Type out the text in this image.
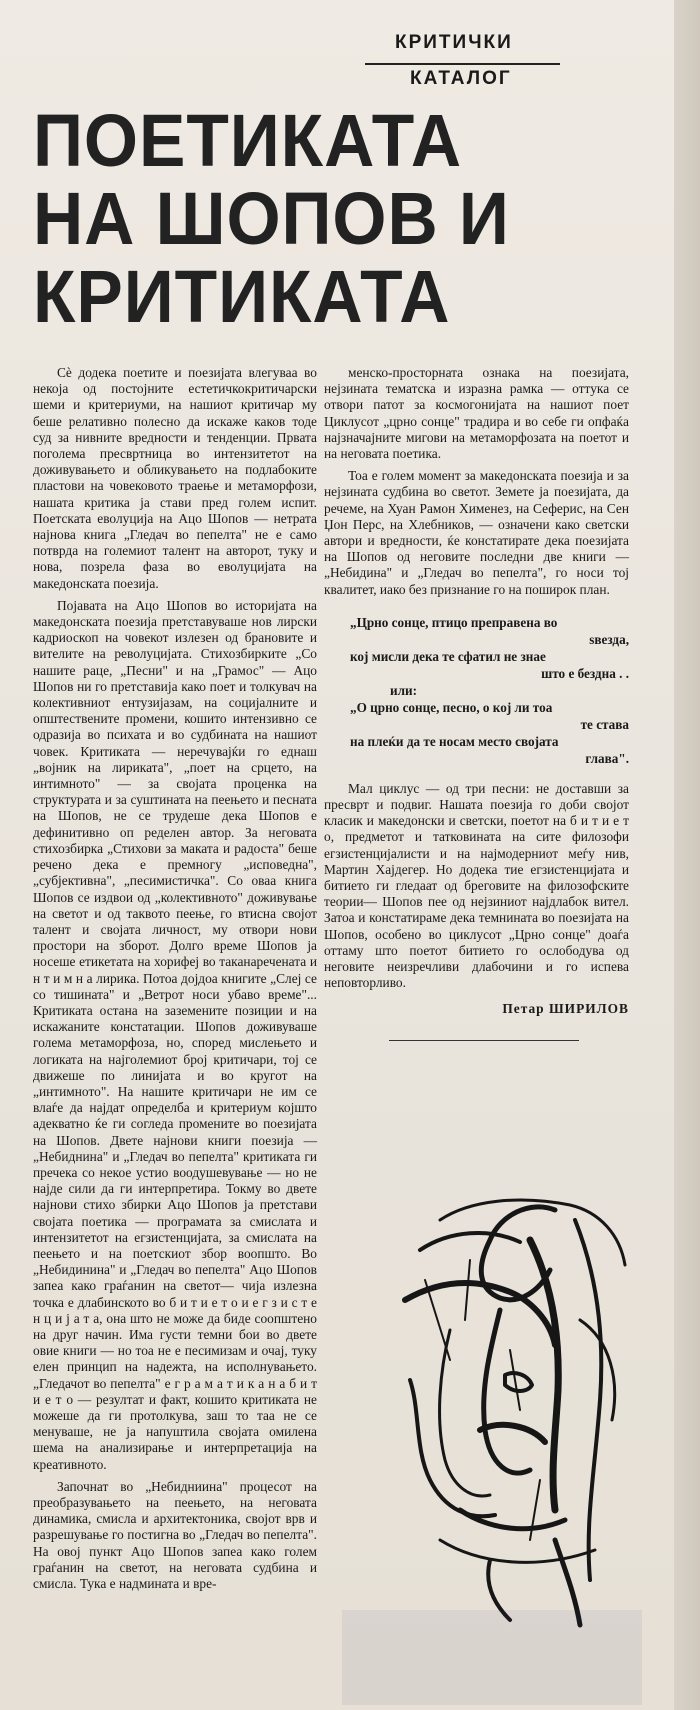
КРИТИЧКИ
КАТАЛОГ
ПОЕТИКАТА
НА ШОПОВ И
КРИТИКАТА

Сè додека поетите и поезијата влегуваа во некоја од постојните естетичкокритичарски шеми и критериуми, на нашиот критичар му беше релативно полесно да искаже каков тоде суд за нивните вредности и тенденции. Првата поголема пресвртница во интензитетот на доживувањето и обликувањето на подлабоките пластови на човековото траење и метаморфози, нашата критика ја стави пред голем испит. Поетската еволуција на Ацо Шопов — нетрата најнова книга „Гледач во пепелта" не е само потврда на големиот талент на авторот, туку и нова, позрела фаза во еволуцијата на македонската поезија.

Појавата на Ацо Шопов во историјата на македонската поезија претставуваше нов лирски кадриоскоп на човекот излезен од брановите и вителите на револуцијата. Стихозбирките „Со нашите раце, „Песни" и на „Грамос" — Ацо Шопов ни го претставија како поет и толкувач на колективниот ентузијазам, на социјалните и општествените промени, кошито интензивно се одразија во психата и во судбината на нашиот човек. Критиката — неречувајќи го еднаш „војник на лириката", „поет на срцето, на интимното" — за својата проценка на структурата и за суштината на пеењето и песната на Шопов, не се трудеше дека Шопов е дефинитивно оп ределен автор. За неговата стихозбирка „Стихови за маката и радоста" беше речено дека е премногу „исповедна", „субјективна", „песимистичка". Со оваа книга Шопов се издвои од „колективното" доживување на светот и од таквото пеење, го втисна својот талент и својата личност, му отвори нови простори на зборот. Долго време Шопов ја носеше етикетата на хорифеј во таканаречената и н т и м н а лирика. Потоа дојдоа книгите „Слеј се со тишината" и „Ветрот носи убаво време"... Критиката остана на заземените позиции и на искажаните констатации. Шопов доживуваше голема метаморфоза, но, според мислењето и логиката на најголемиот број критичари, тој се движеше по линијата и во кругот на „интимното". На нашите критичари не им се влаѓе да најдат определба и критериум којшто адекватно ќе ги согледа промените во поезијата на Шопов. Двете најнови книги поезија — „Небиднина" и „Гледач во пепелта" критиката ги пречека со некое устио воодушевување — но не најде сили да ги интерпретира. Токму во двете најнови стихо збирки Ацо Шопов ја претстави својата поетика — програмата за смислата и интензитетот на егзистенцијата, за смислата на пеењето и на поетскиот збор воопшто. Во „Небидинина" и „Гледач во пепелта" Ацо Шопов запеа како граѓанин на светот— чија излезна точка е длабинското во б и т и е т о и е г з и с т е н ц и ј а т а, она што не може да биде соопштено на друг начин. Има густи темни бои во двете овие книги — но тоа не е песимизам и очај, туку елен принцип на надежта, на исполнувањето. „Гледачот во пепелта" е г р а м а т и к а н а б и т и е т о — резултат и факт, кошито критиката не можеше да ги протолкува, заш то таа не се менуваше, не ја напуштила својата омилена шема на анализирање и интерпретација на креативното.

Започнат во „Небидниина" процесот на преобразувањето на пеењето, на неговата динамика, смисла и архитектоника, својот врв и разрешување го постигна во „Гледач во пепелта". На овој пункт Ацо Шопов запеа како голем граѓанин на светот, на неговата судбина и смисла. Тука е надмината и вре-

менско-просторната ознака на поезијата, нејзината тематска и изразна рамка — оттука се отвори патот за космогонијата на нашиот поет Циклусот „црно сонце" традира и во себе ги опфаќа најзначајните мигови на метаморфозата на поетот и на неговата поетика.

Тоа е голем момент за македонската поезија и за нејзината судбина во светот. Земете ја поезијата, да речеме, на Хуан Рамон Хименез, на Сеферис, на Сен Џон Перс, на Хлебников, — означени како светски автори и вредности, ќе констатирате дека поезијата на Шопов од неговите последни две книги — „Небидина" и „Гледач во пепелта", го носи тој квалитет, иако без признание го на поширок план.

„Црно сонце, птицо преправена во
ѕвезда,
кој мисли дека те сфатил не знае
што е бездна . .
или:
„О црно сонце, песно, о кој ли тоа
те става
на плеќи да те носам место својата
глава".

Мал циклус — од три песни: не доставши за пресврт и подвиг. Нашата поезија го доби својот класик и македонски и светски, поетот на б и т и е т о, предметот и татковината на сите филозофи егзистенцијалисти и на најмодерниот меѓу нив, Мартин Хајдегер. Но додека тие егзистенцијата и битието ги гледаат од бреговите на филозофските теории— Шопов пее од нејзиниот најдлабок вител. Затоа и констатираме дека темнината во поезијата на Шопов, особено во циклусот „Црно сонце" доаѓа оттаму што поетот битието го ослободува од неговите неизречливи длабочини и го испева неповторливо.

Петар ШИРИЛОВ
